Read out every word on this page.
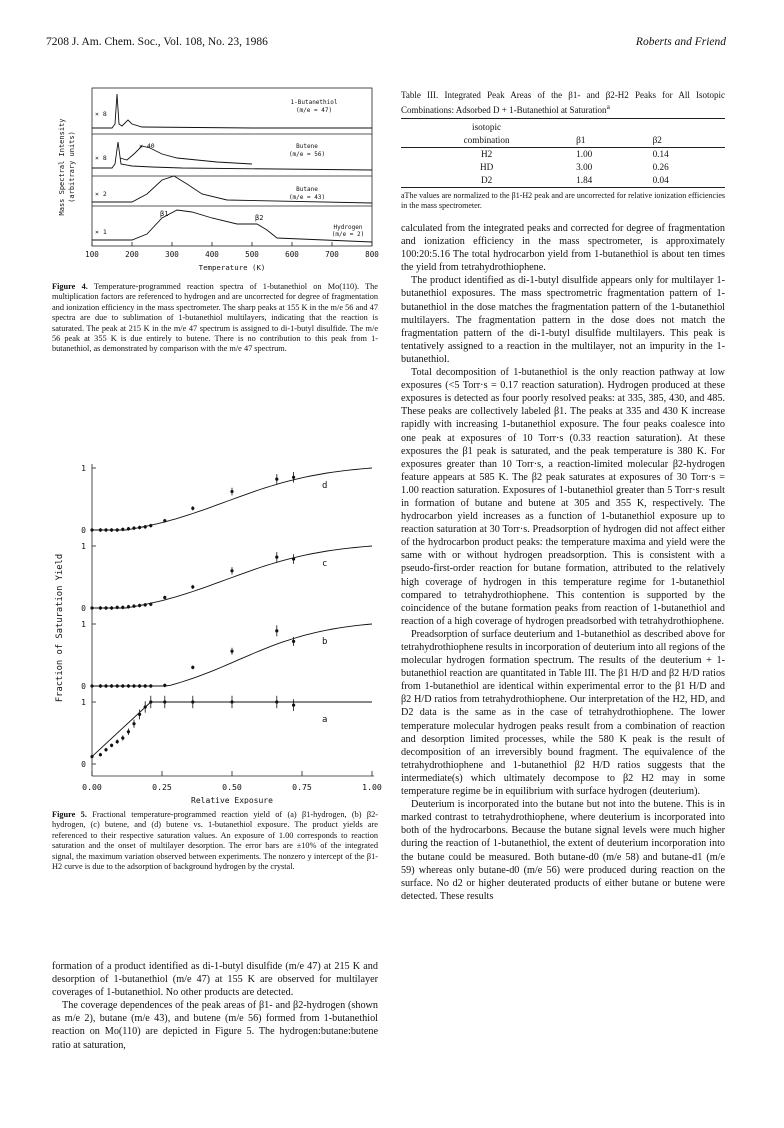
7208 J. Am. Chem. Soc., Vol. 108, No. 23, 1986	Roberts and Friend
100	200	300	400	500	600	700	800
Temperature (K)
Mass Spectral Intensity (arbitrary units)
× 8
× 8
× 40
× 2
× 1
1-Butanethiol
(m/e = 47)
Butene
(m/e = 56)
Butane
(m/e = 43)
Hydrogen
(m/e = 2)
β1	β2
Figure 4. Temperature-programmed reaction spectra of 1-butanethiol on Mo(110). The multiplication factors are referenced to hydrogen and are uncorrected for degree of fragmentation and ionization efficiency in the mass spectrometer. The sharp peaks at 155 K in the m/e 56 and 47 spectra are due to sublimation of 1-butanethiol multilayers, indicating that the reaction is saturated. The peak at 215 K in the m/e 47 spectrum is assigned to di-1-butyl disulfide. The m/e 56 peak at 355 K is due entirely to butene. There is no contribution to this peak from 1-butanethiol, as demonstrated by comparison with the m/e 47 spectrum.
1
0
d
1
0
c
1
0
b
1
0
a
0.00	0.25	0.50	0.75	1.00
Relative Exposure
Fraction of Saturation Yield
Figure 5. Fractional temperature-programmed reaction yield of (a) β1-hydrogen, (b) β2-hydrogen, (c) butene, and (d) butene vs. 1-butanethiol exposure. The product yields are referenced to their respective saturation values. An exposure of 1.00 corresponds to reaction saturation and the onset of multilayer desorption. The error bars are ±10% of the integrated signal, the maximum variation observed between experiments. The nonzero y intercept of the β1-H2 curve is due to the adsorption of background hydrogen by the crystal.

formation of a product identified as di-1-butyl disulfide (m/e 47) at 215 K and desorption of 1-butanethiol (m/e 47) at 155 K are observed for multilayer coverages of 1-butanethiol. No other products are detected.

The coverage dependences of the peak areas of β1- and β2-hydrogen (shown as m/e 2), butane (m/e 43), and butene (m/e 56) formed from 1-butanethiol reaction on Mo(110) are depicted in Figure 5. The hydrogen:butane:butene ratio at saturation,

Table III. Integrated Peak Areas of the β1- and β2-H2 Peaks for All Isotopic Combinations: Adsorbed D + 1-Butanethiol at Saturation$^a$
isotopic
combination	β1	β2
H2	1.00	0.14
HD	3.00	0.26
D2	1.84	0.04
aThe values are normalized to the β1-H2 peak and are uncorrected for relative ionization efficiencies in the mass spectrometer.

calculated from the integrated peaks and corrected for degree of fragmentation and ionization efficiency in the mass spectrometer, is approximately 100:20:5.16 The total hydrocarbon yield from 1-butanethiol is about ten times the yield from tetrahydrothiophene.

The product identified as di-1-butyl disulfide appears only for multilayer 1-butanethiol exposures. The mass spectrometric fragmentation pattern of 1-butanethiol in the dose matches the fragmentation pattern of the 1-butanethiol multilayers. The fragmentation pattern in the dose does not match the fragmentation pattern of the di-1-butyl disulfide multilayers. This peak is tentatively assigned to a reaction in the multilayer, not an impurity in the 1-butanethiol.

Total decomposition of 1-butanethiol is the only reaction pathway at low exposures (<5 Torr·s = 0.17 reaction saturation). Hydrogen produced at these exposures is detected as four poorly resolved peaks: at 335, 385, 430, and 485. These peaks are collectively labeled β1. The peaks at 335 and 430 K increase rapidly with increasing 1-butanethiol exposure. The four peaks coalesce into one peak at exposures of 10 Torr·s (0.33 reaction saturation). At these exposures the β1 peak is saturated, and the peak temperature is 380 K. For exposures greater than 10 Torr·s, a reaction-limited molecular β2-hydrogen feature appears at 585 K. The β2 peak saturates at exposures of 30 Torr·s = 1.00 reaction saturation. Exposures of 1-butanethiol greater than 5 Torr·s result in formation of butane and butene at 305 and 355 K, respectively. The hydrocarbon yield increases as a function of 1-butanethiol exposure up to reaction saturation at 30 Torr·s. Preadsorption of hydrogen did not affect either of the hydrocarbon product peaks: the temperature maxima and yield were the same with or without hydrogen preadsorption. This is consistent with a pseudo-first-order reaction for butane formation, attributed to the relatively high coverage of hydrogen in this temperature regime for 1-butanethiol compared to tetrahydrothiophene. This contention is supported by the coincidence of the butane formation peaks from reaction of 1-butanethiol and reaction of a high coverage of hydrogen preadsorbed with tetrahydrothiophene.

Preadsorption of surface deuterium and 1-butanethiol as described above for tetrahydrothiophene results in incorporation of deuterium into all regions of the molecular hydrogen formation spectrum. The results of the deuterium + 1-butanethiol reaction are quantitated in Table III. The β1 H/D and β2 H/D ratios from 1-butanethiol are identical within experimental error to the β1 H/D and β2 H/D ratios from tetrahydrothiophene. Our interpretation of the H2, HD, and D2 data is the same as in the case of tetrahydrothiophene. The lower temperature molecular hydrogen peaks result from a combination of reaction and desorption limited processes, while the 580 K peak is the result of decomposition of an irreversibly bound fragment. The equivalence of the tetrahydrothiophene and 1-butanethiol β2 H/D ratios suggests that the intermediate(s) which ultimately decompose to β2 H2 may in some temperature regime be in equilibrium with surface hydrogen (deuterium).

Deuterium is incorporated into the butane but not into the butene. This is in marked contrast to tetrahydrothiophene, where deuterium is incorporated into both of the hydrocarbons. Because the butane signal levels were much higher during the reaction of 1-butanethiol, the extent of deuterium incorporation into the butane could be measured. Both butane-d0 (m/e 58) and butane-d1 (m/e 59) whereas only butane-d0 (m/e 56) were produced during reaction on the surface. No d2 or higher deuterated products of either butane or butene were detected. These results
